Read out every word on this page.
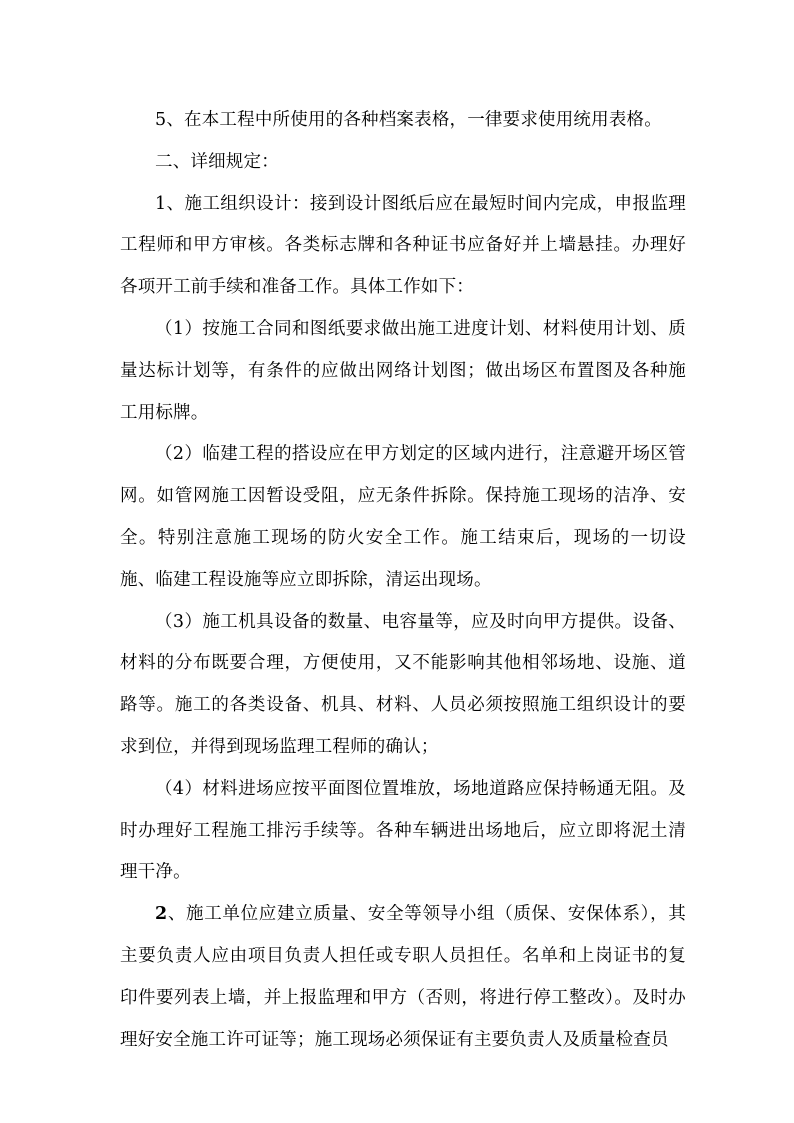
5、在本工程中所使用的各种档案表格，一律要求使用统用表格。

二、详细规定：

1、施工组织设计：接到设计图纸后应在最短时间内完成，申报监理工程师和甲方审核。各类标志牌和各种证书应备好并上墙悬挂。办理好各项开工前手续和准备工作。具体工作如下：

（1）按施工合同和图纸要求做出施工进度计划、材料使用计划、质量达标计划等，有条件的应做出网络计划图；做出场区布置图及各种施工用标牌。

（2）临建工程的搭设应在甲方划定的区域内进行，注意避开场区管网。如管网施工因暂设受阻，应无条件拆除。保持施工现场的洁净、安全。特别注意施工现场的防火安全工作。施工结束后，现场的一切设施、临建工程设施等应立即拆除，清运出现场。

（3）施工机具设备的数量、电容量等，应及时向甲方提供。设备、材料的分布既要合理，方便使用，又不能影响其他相邻场地、设施、道路等。施工的各类设备、机具、材料、人员必须按照施工组织设计的要求到位，并得到现场监理工程师的确认；

（4）材料进场应按平面图位置堆放，场地道路应保持畅通无阻。及时办理好工程施工排污手续等。各种车辆进出场地后，应立即将泥土清理干净。

2、施工单位应建立质量、安全等领导小组（质保、安保体系），其主要负责人应由项目负责人担任或专职人员担任。名单和上岗证书的复印件要列表上墙，并上报监理和甲方（否则，将进行停工整改）。及时办理好安全施工许可证等；施工现场必须保证有主要负责人及质量检查员
